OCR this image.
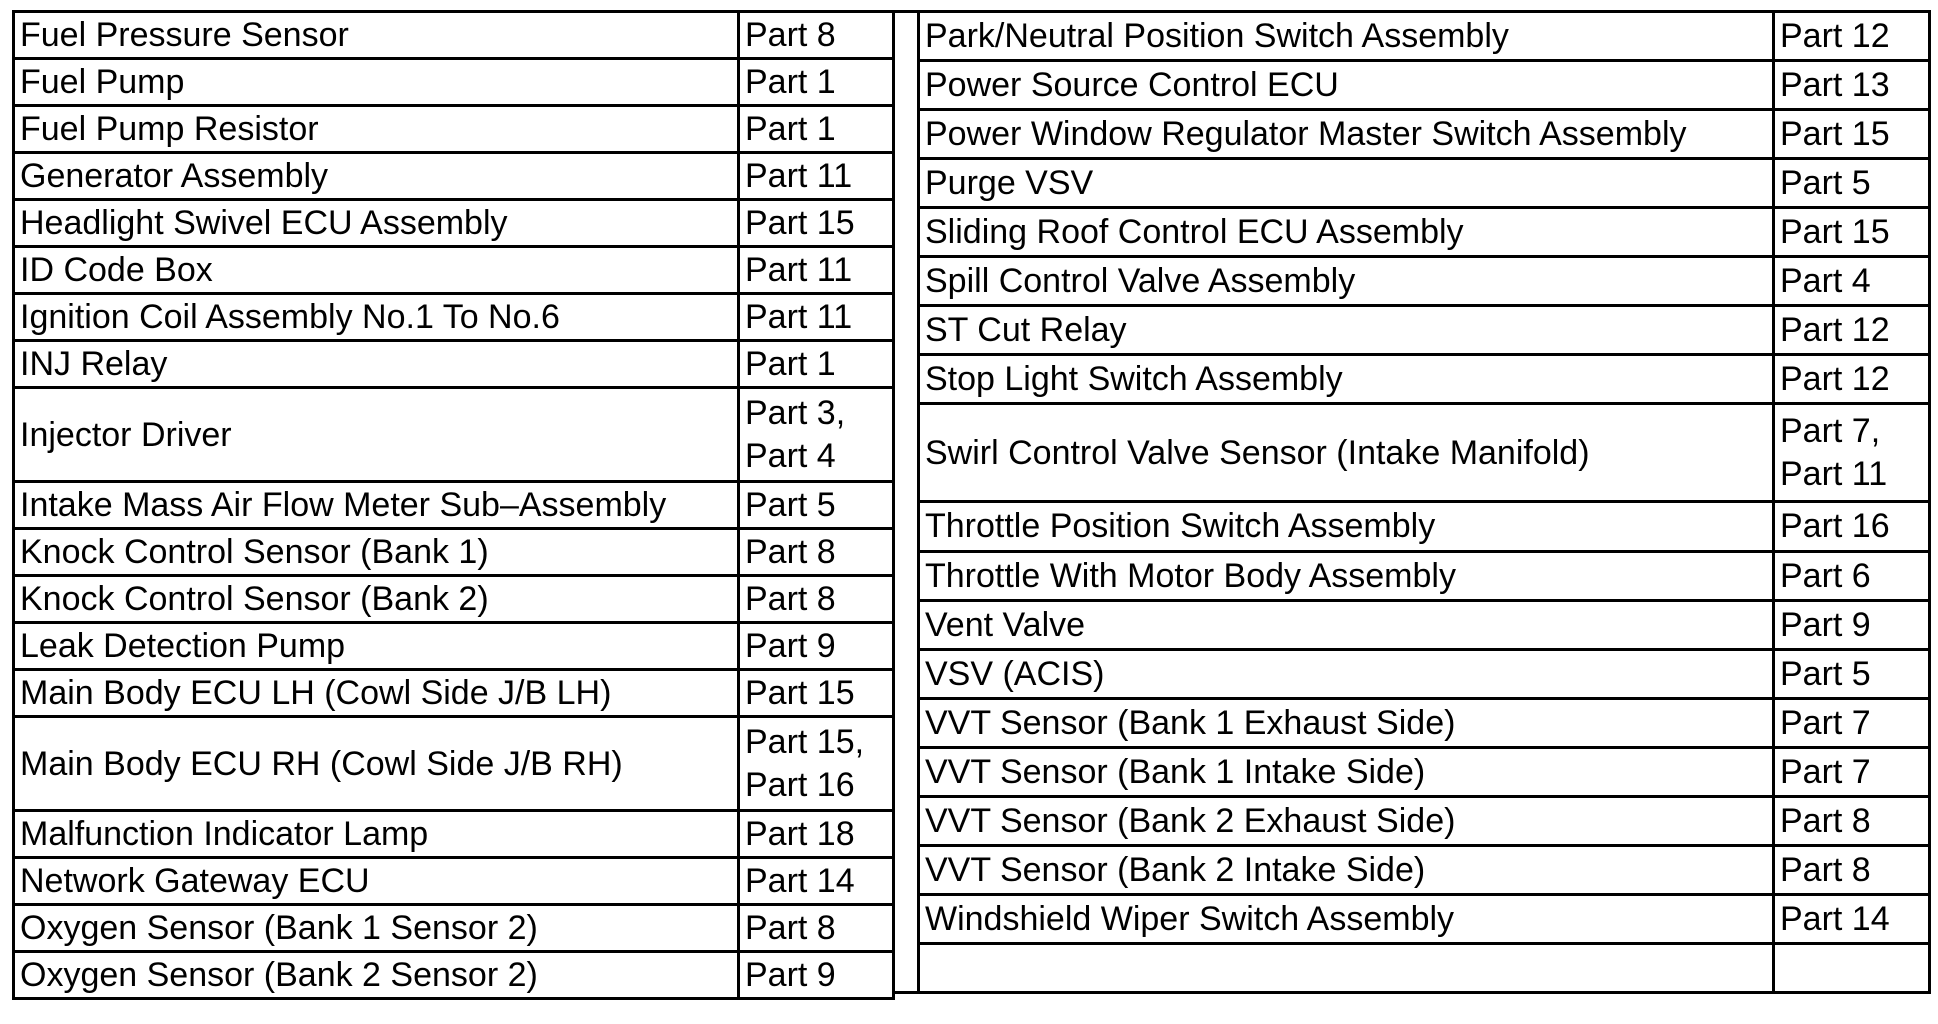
Fuel Pressure Sensor	Part 8
Fuel Pump	Part 1
Fuel Pump Resistor	Part 1
Generator Assembly	Part 11
Headlight Swivel ECU Assembly	Part 15
ID Code Box	Part 11
Ignition Coil Assembly No.1 To No.6	Part 11
INJ Relay	Part 1
Injector Driver	Part 3,
Part 4

Intake Mass Air Flow Meter Sub–Assembly	Part 5
Knock Control Sensor (Bank 1)	Part 8
Knock Control Sensor (Bank 2)	Part 8
Leak Detection Pump	Part 9
Main Body ECU LH (Cowl Side J/B LH)	Part 15
Main Body ECU RH (Cowl Side J/B RH)	Part 15,
Part 16

Malfunction Indicator Lamp	Part 18
Network Gateway ECU	Part 14
Oxygen Sensor (Bank 1 Sensor 2)	Part 8
Oxygen Sensor (Bank 2 Sensor 2)	Part 9
Park/Neutral Position Switch Assembly	Part 12
Power Source Control ECU	Part 13
Power Window Regulator Master Switch Assembly	Part 15
Purge VSV	Part 5
Sliding Roof Control ECU Assembly	Part 15
Spill Control Valve Assembly	Part 4
ST Cut Relay	Part 12
Stop Light Switch Assembly	Part 12
Swirl Control Valve Sensor (Intake Manifold)	Part 7,
Part 11

Throttle Position Switch Assembly	Part 16
Throttle With Motor Body Assembly	Part 6
Vent Valve	Part 9
VSV (ACIS)	Part 5
VVT Sensor (Bank 1 Exhaust Side)	Part 7
VVT Sensor (Bank 1 Intake Side)	Part 7
VVT Sensor (Bank 2 Exhaust Side)	Part 8
VVT Sensor (Bank 2 Intake Side)	Part 8
Windshield Wiper Switch Assembly	Part 14
